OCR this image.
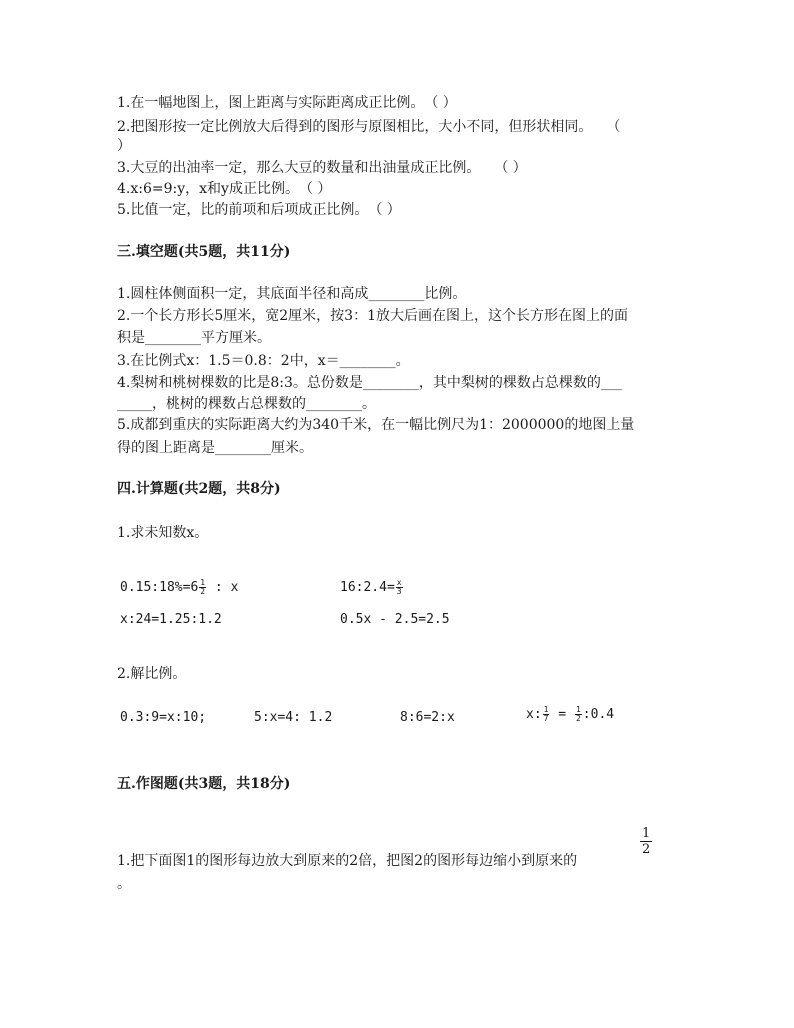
1.在一幅地图上，图上距离与实际距离成正比例。　（ ）
2.把图形按一定比例放大后得到的图形与原图相比，大小不同，但形状相同。　　（
）
3.大豆的出油率一定，那么大豆的数量和出油量成正比例。　　（ ）
4.x:6=9:y，x和y成正比例。　（ ）
5.比值一定，比的前项和后项成正比例。　（ ）
三.填空题(共5题，共11分)
1.圆柱体侧面积一定，其底面半径和高成________比例。
2.一个长方形长5厘米，宽2厘米，按3：1放大后画在图上，这个长方形在图上的面
积是________平方厘米。
3.在比例式x：1.5＝0.8：2中，x＝________。
4.梨树和桃树棵数的比是8:3。总份数是________，其中梨树的棵数占总棵数的___
_____，桃树的棵数占总棵数的________。
5.成都到重庆的实际距离大约为340千米，在一幅比例尺为1：2000000的地图上量
得的图上距离是________厘米。
四.计算题(共2题，共8分)
1.求未知数x。
0.15:18%=6 $\frac{1}{2}$ : x	16:2.4= $\frac{x}{3}$
x:24=1.25:1.2	0.5x - 2.5=2.5
2.解比例。
0.3:9=x:10;	5:x=4: 1.2	8:6=2:x	x: $\frac{1}{7} = \frac{1}{2}$ :0.4
五.作图题(共3题，共18分)
1
2
1.把下面图1的图形每边放大到原来的2倍，把图2的图形每边缩小到原来的
。
